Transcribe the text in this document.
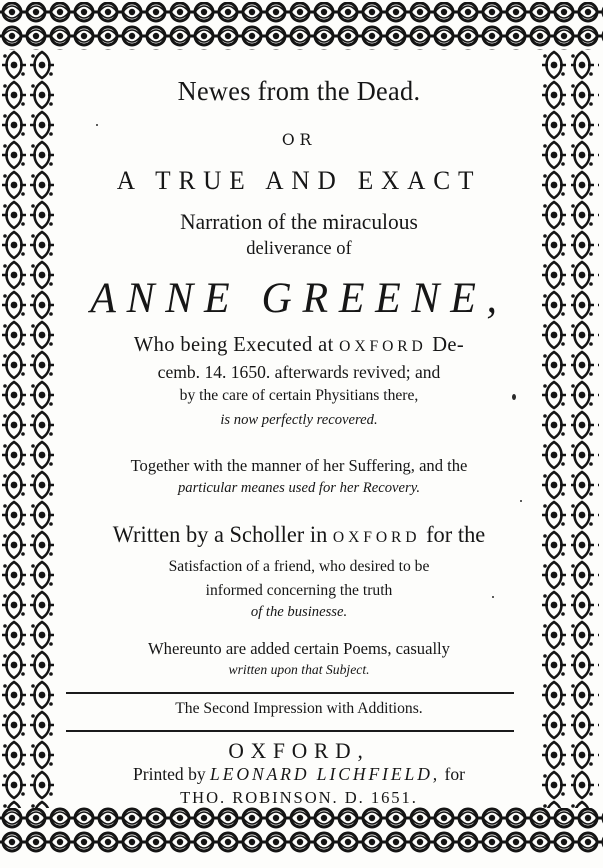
Newes from the Dead.
OR
A TRUE AND EXACT
Narration of the miraculous
deliverance of
ANNE GREENE,
Who being Executed at OXFORD De-
cemb. 14. 1650. afterwards revived; and
by the care of certain Physitians there,
is now perfectly recovered.
Together with the manner of her Suffering, and the
particular meanes used for her Recovery.
Written by a Scholler in OXFORD for the
Satisfaction of a friend, who desired to be
informed concerning the truth
of the businesse.
Whereunto are added certain Poems, casually
written upon that Subject.
The Second Impression with Additions.
OXFORD,
Printed by LEONARD LICHFIELD, for
THO. ROBINSON. D. 1651.
